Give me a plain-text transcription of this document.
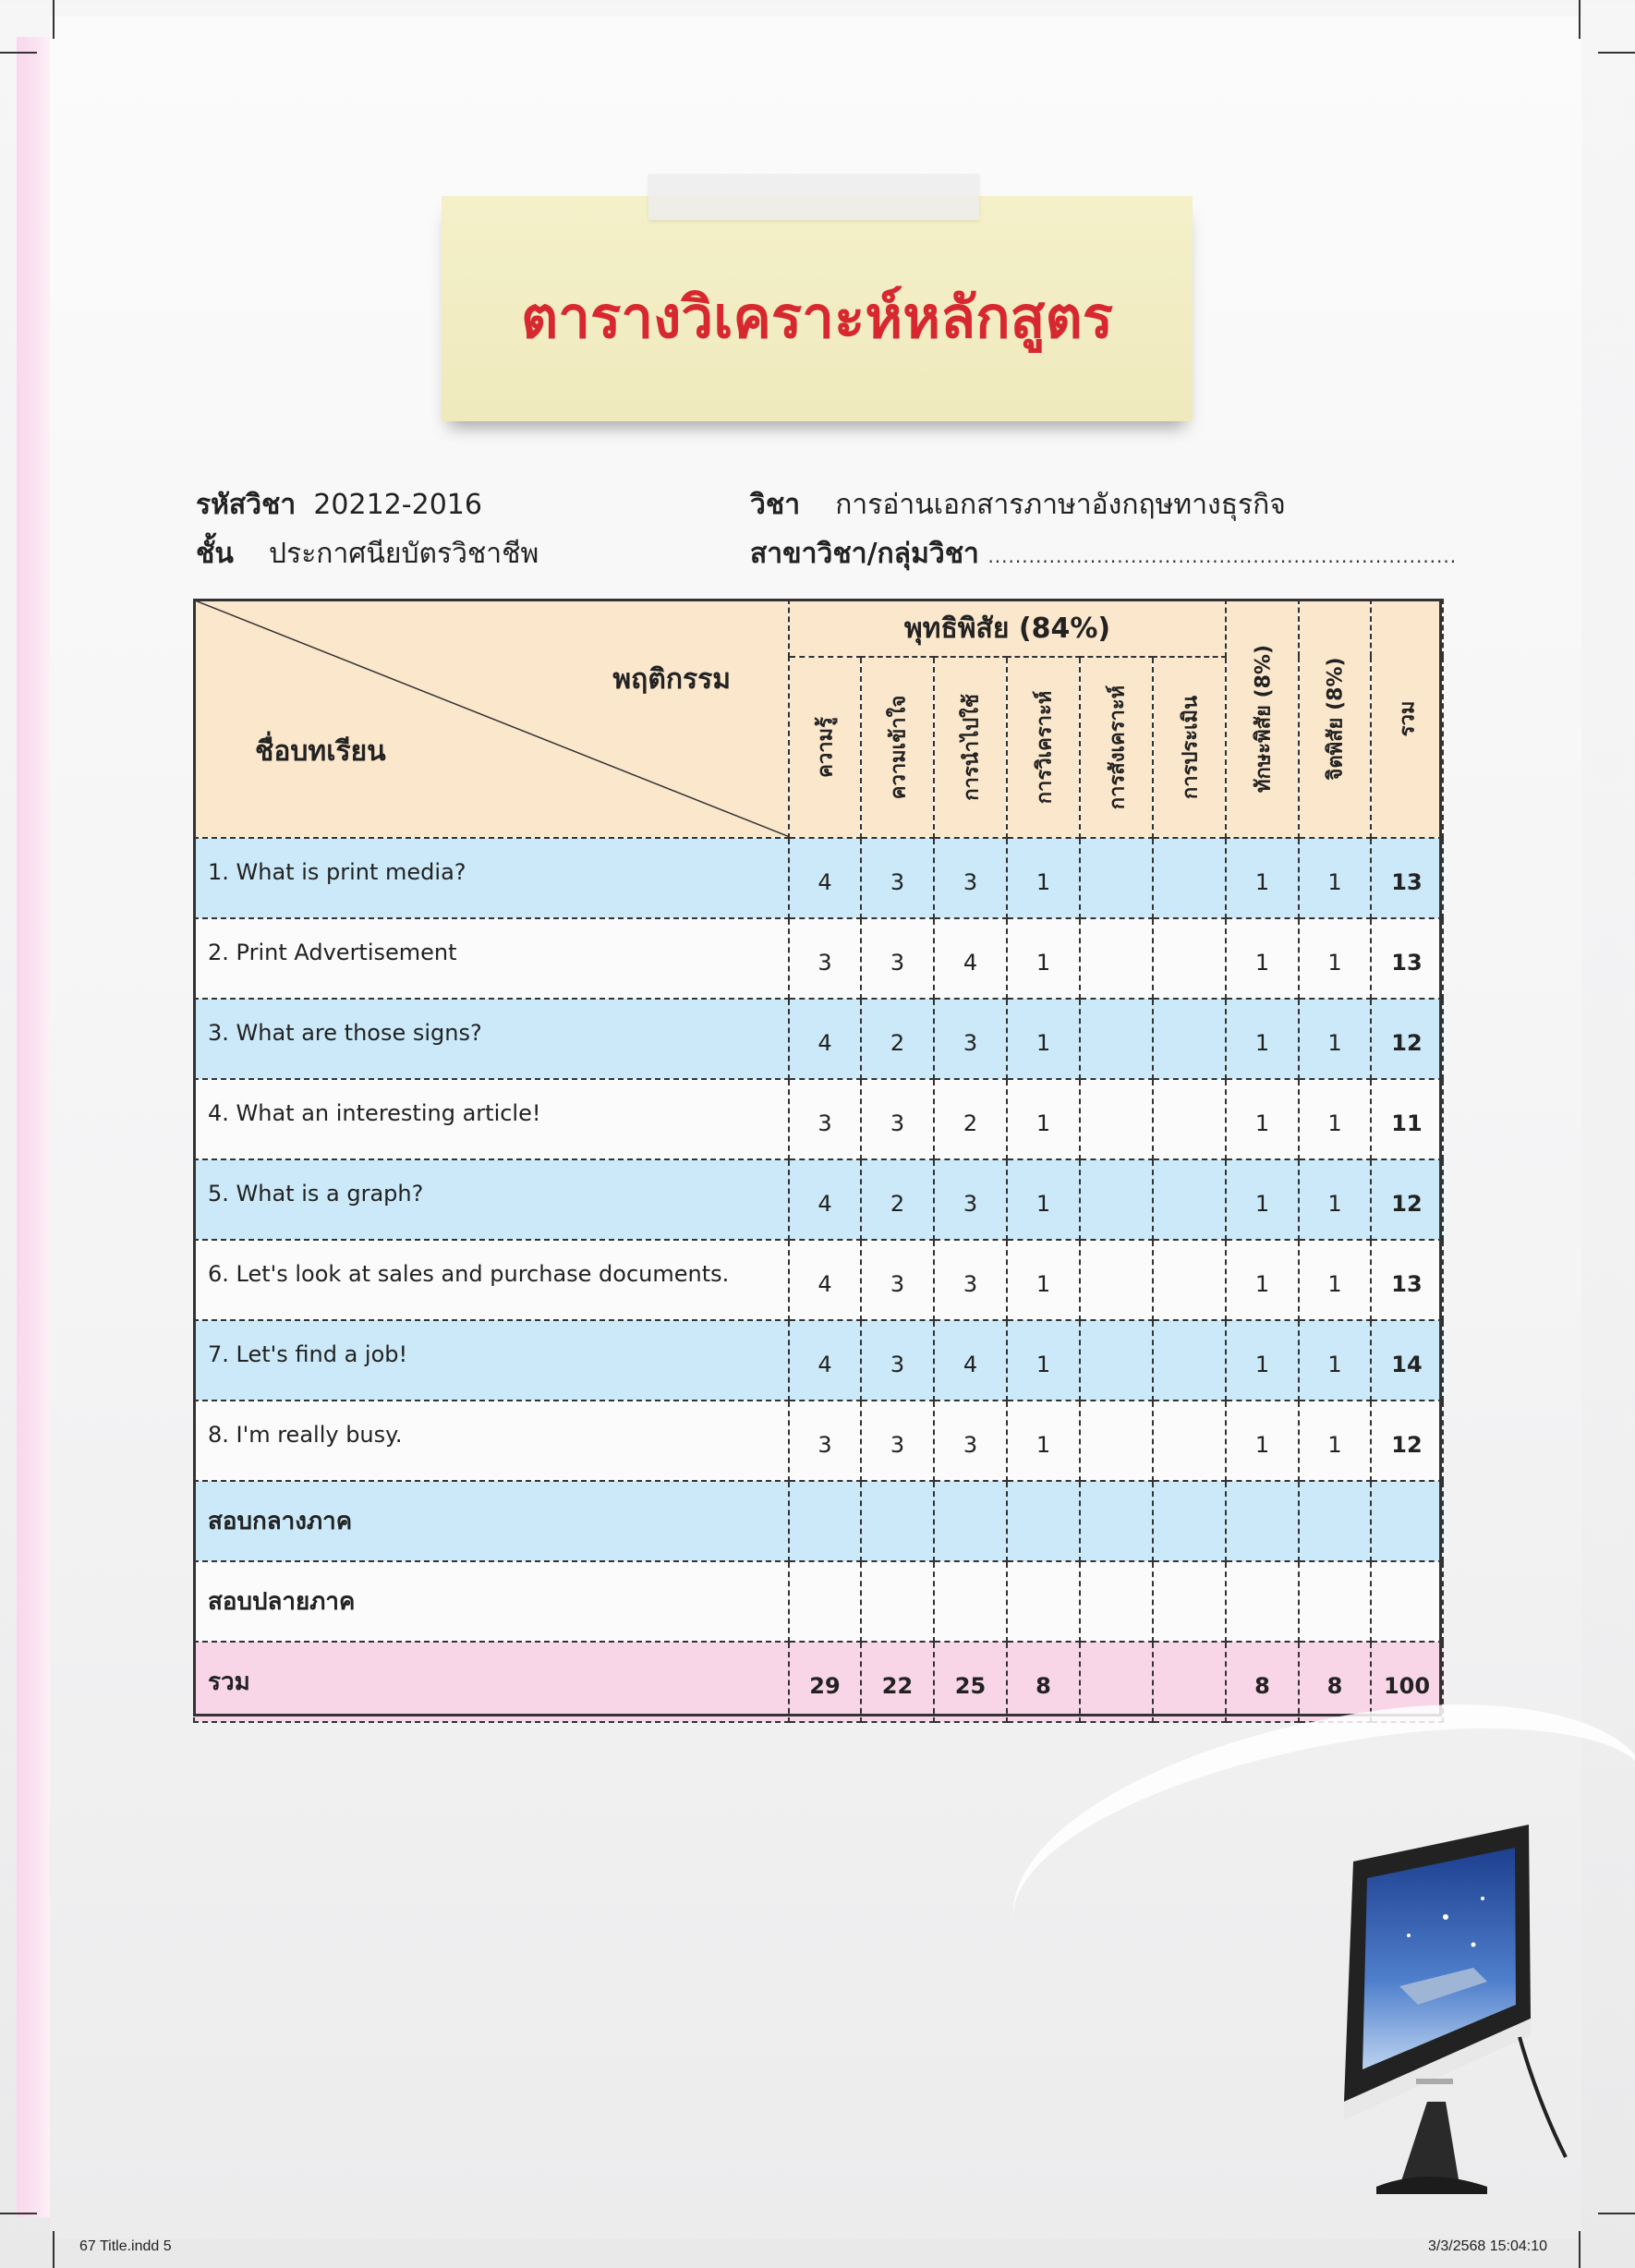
ตารางวิเคราะห์หลักสูตร
รหัสวิชา 20212-2016
ชั้น ประกาศนียบัตรวิชาชีพ
วิชา การอ่านเอกสารภาษาอังกฤษทางธุรกิจ
สาขาวิชา/กลุ่มวิชา .....................................................................
พฤติกรรม
ชื่อบทเรียน	พุทธิพิสัย (84%)						ทักษะพิสัย (8%)	จิตพิสัย (8%)	รวม

	ความรู้	ความเข้าใจ	การนำไปใช้	การวิเคราะห์	การสังเคราะห์	การประเมิน			

1. What is print media?	4	3	3	1			1	1	13
2. Print Advertisement	3	3	4	1			1	1	13
3. What are those signs?	4	2	3	1			1	1	12
4. What an interesting article!	3	3	2	1			1	1	11
5. What is a graph?	4	2	3	1			1	1	12
6. Let's look at sales and purchase documents.	4	3	3	1			1	1	13
7. Let's find a job!	4	3	4	1			1	1	14
8. I'm really busy.	3	3	3	1			1	1	12
สอบกลางภาค									
สอบปลายภาค									
รวม	29	22	25	8			8	8	100
67 Title.indd 5	3/3/2568 15:04:10
